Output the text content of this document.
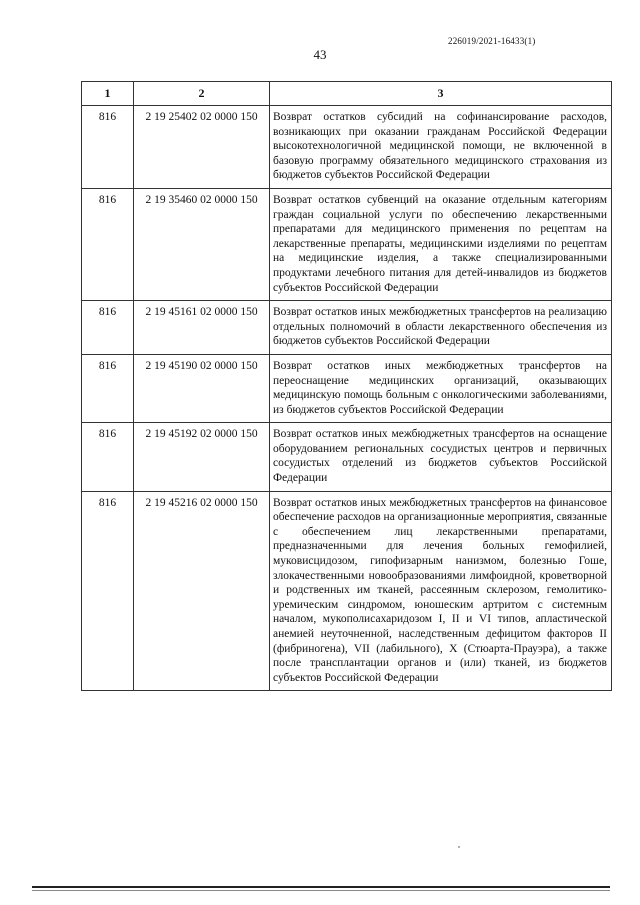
226019/2021-16433(1)
43
1	2	3
816	2 19 25402 02 0000 150	Возврат остатков субсидий на софинансирование расходов, возникающих при оказании гражданам Российской Федерации высокотехнологичной медицинской помощи, не включенной в базовую программу обязательного медицинского страхования из бюджетов субъектов Российской Федерации
816	2 19 35460 02 0000 150	Возврат остатков субвенций на оказание отдельным категориям граждан социальной услуги по обеспечению лекарственными препаратами для медицинского применения по рецептам на лекарственные препараты, медицинскими изделиями по рецептам на медицинские изделия, а также специализированными продуктами лечебного питания для детей-инвалидов из бюджетов субъектов Российской Федерации
816	2 19 45161 02 0000 150	Возврат остатков иных межбюджетных трансфертов на реализацию отдельных полномочий в области лекарственного обеспечения из бюджетов субъектов Российской Федерации
816	2 19 45190 02 0000 150	Возврат остатков иных межбюджетных трансфертов на переоснащение медицинских организаций, оказывающих медицинскую помощь больным с онкологическими заболеваниями, из бюджетов субъектов Российской Федерации
816	2 19 45192 02 0000 150	Возврат остатков иных межбюджетных трансфертов на оснащение оборудованием региональных сосудистых центров и первичных сосудистых отделений из бюджетов субъектов Российской Федерации
816	2 19 45216 02 0000 150	Возврат остатков иных межбюджетных трансфертов на финансовое обеспечение расходов на организационные мероприятия, связанные с обеспечением лиц лекарственными препаратами, предназначенными для лечения больных гемофилией, муковисцидозом, гипофизарным нанизмом, болезнью Гоше, злокачественными новообразованиями лимфоидной, кроветворной и родственных им тканей, рассеянным склерозом, гемолитико-уремическим синдромом, юношеским артритом с системным началом, мукополисахаридозом I, II и VI типов, апластической анемией неуточненной, наследственным дефицитом факторов II (фибриногена), VII (лабильного), X (Стюарта-Прауэра), а также после трансплантации органов и (или) тканей, из бюджетов субъектов Российской Федерации
